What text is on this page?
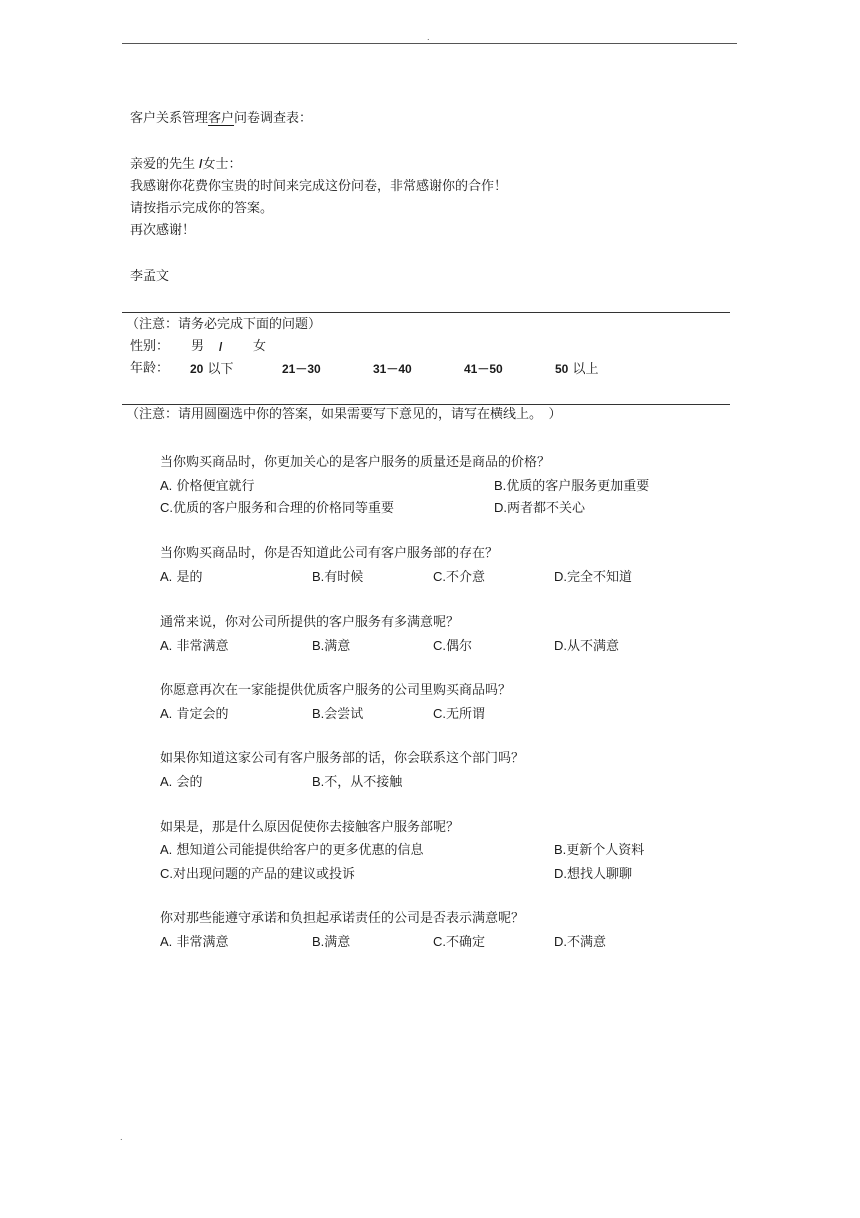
.
客户关系管理客户问卷调查表：
亲爱的先生 /女士：
我感谢你花费你宝贵的时间来完成这份问卷，非常感谢你的合作！
请按指示完成你的答案。
再次感谢！
李孟文
（注意：请务必完成下面的问题）
性别： 男 / 女
年龄： 20 以下	21－30	31－40	41－50	50 以上
（注意：请用圆圈选中你的答案，如果需要写下意见的，请写在横线上。　）
当你购买商品时，你更加关心的是客户服务的质量还是商品的价格？
A. 价格便宜就行	B.优质的客户服务更加重要
C.优质的客户服务和合理的价格同等重要	D.两者都不关心
当你购买商品时，你是否知道此公司有客户服务部的存在？
A. 是的	B.有时候	C.不介意	D.完全不知道
通常来说，你对公司所提供的客户服务有多满意呢？
A. 非常满意	B.满意	C.偶尔	D.从不满意
你愿意再次在一家能提供优质客户服务的公司里购买商品吗？
A. 肯定会的	B.会尝试	C.无所谓
如果你知道这家公司有客户服务部的话，你会联系这个部门吗？
A. 会的	B.不，从不接触
如果是，那是什么原因促使你去接触客户服务部呢？
A. 想知道公司能提供给客户的更多优惠的信息	B.更新个人资料
C.对出现问题的产品的建议或投诉	D.想找人聊聊
你对那些能遵守承诺和负担起承诺责任的公司是否表示满意呢？
A. 非常满意	B.满意	C.不确定	D.不满意
.
